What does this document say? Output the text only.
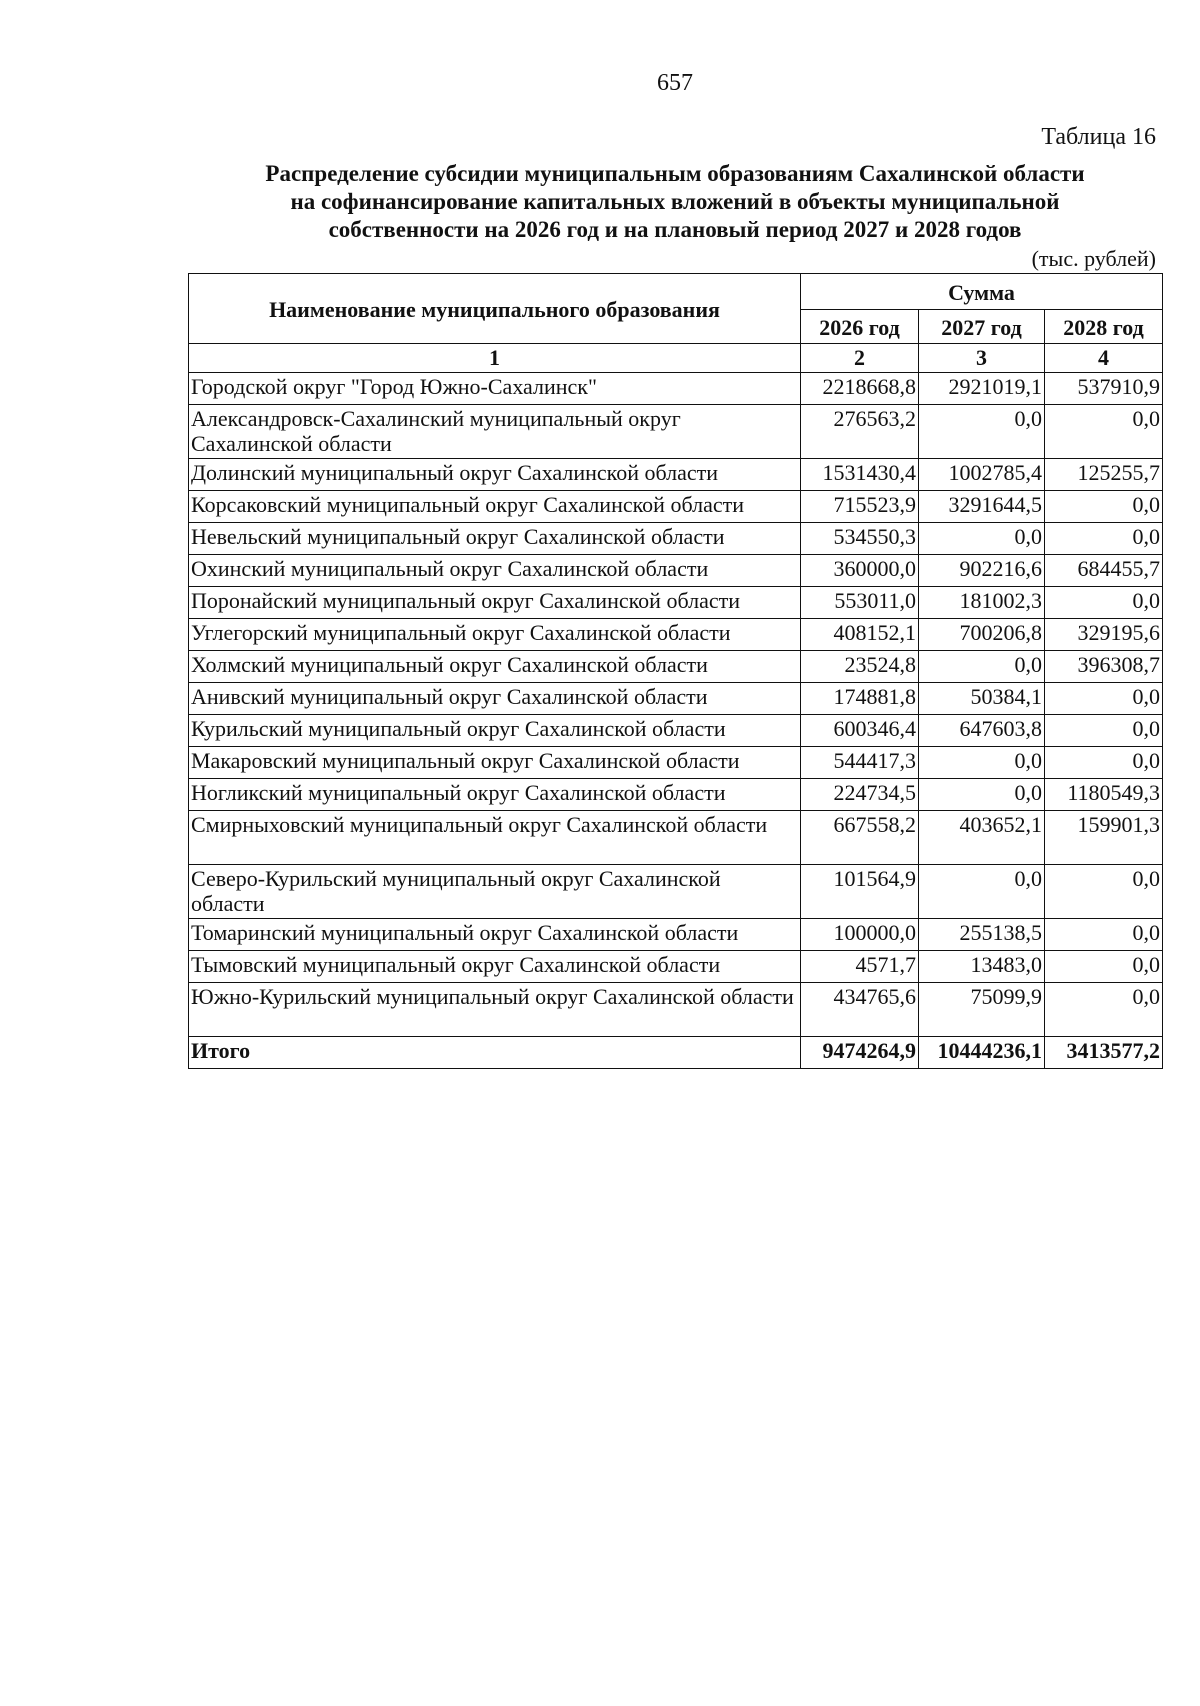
657
Таблица 16
Распределение субсидии муниципальным образованиям Сахалинской области
на софинансирование капитальных вложений в объекты муниципальной
собственности на 2026 год и на плановый период 2027 и 2028 годов
(тыс. рублей)
Наименование муниципального образования	Сумма		
	2026 год	2027 год	2028 год
1	2	3	4
Городской округ "Город Южно-Сахалинск"	2218668,8	2921019,1	537910,9
Александровск-Сахалинский муниципальный округ Сахалинской области	276563,2	0,0	0,0
Долинский муниципальный округ Сахалинской области	1531430,4	1002785,4	125255,7
Корсаковский муниципальный округ Сахалинской области	715523,9	3291644,5	0,0
Невельский муниципальный округ Сахалинской области	534550,3	0,0	0,0
Охинский муниципальный округ Сахалинской области	360000,0	902216,6	684455,7
Поронайский муниципальный округ Сахалинской области	553011,0	181002,3	0,0
Углегорский муниципальный округ Сахалинской области	408152,1	700206,8	329195,6
Холмский муниципальный округ Сахалинской области	23524,8	0,0	396308,7
Анивский муниципальный округ Сахалинской области	174881,8	50384,1	0,0
Курильский муниципальный округ Сахалинской области	600346,4	647603,8	0,0
Макаровский муниципальный округ Сахалинской области	544417,3	0,0	0,0
Ногликский муниципальный округ Сахалинской области	224734,5	0,0	1180549,3
Смирныховский муниципальный округ Сахалинской области	667558,2	403652,1	159901,3
Северо-Курильский муниципальный округ Сахалинской области	101564,9	0,0	0,0
Томаринский муниципальный округ Сахалинской области	100000,0	255138,5	0,0
Тымовский муниципальный округ Сахалинской области	4571,7	13483,0	0,0
Южно-Курильский муниципальный округ Сахалинской области	434765,6	75099,9	0,0
Итого	9474264,9	10444236,1	3413577,2
